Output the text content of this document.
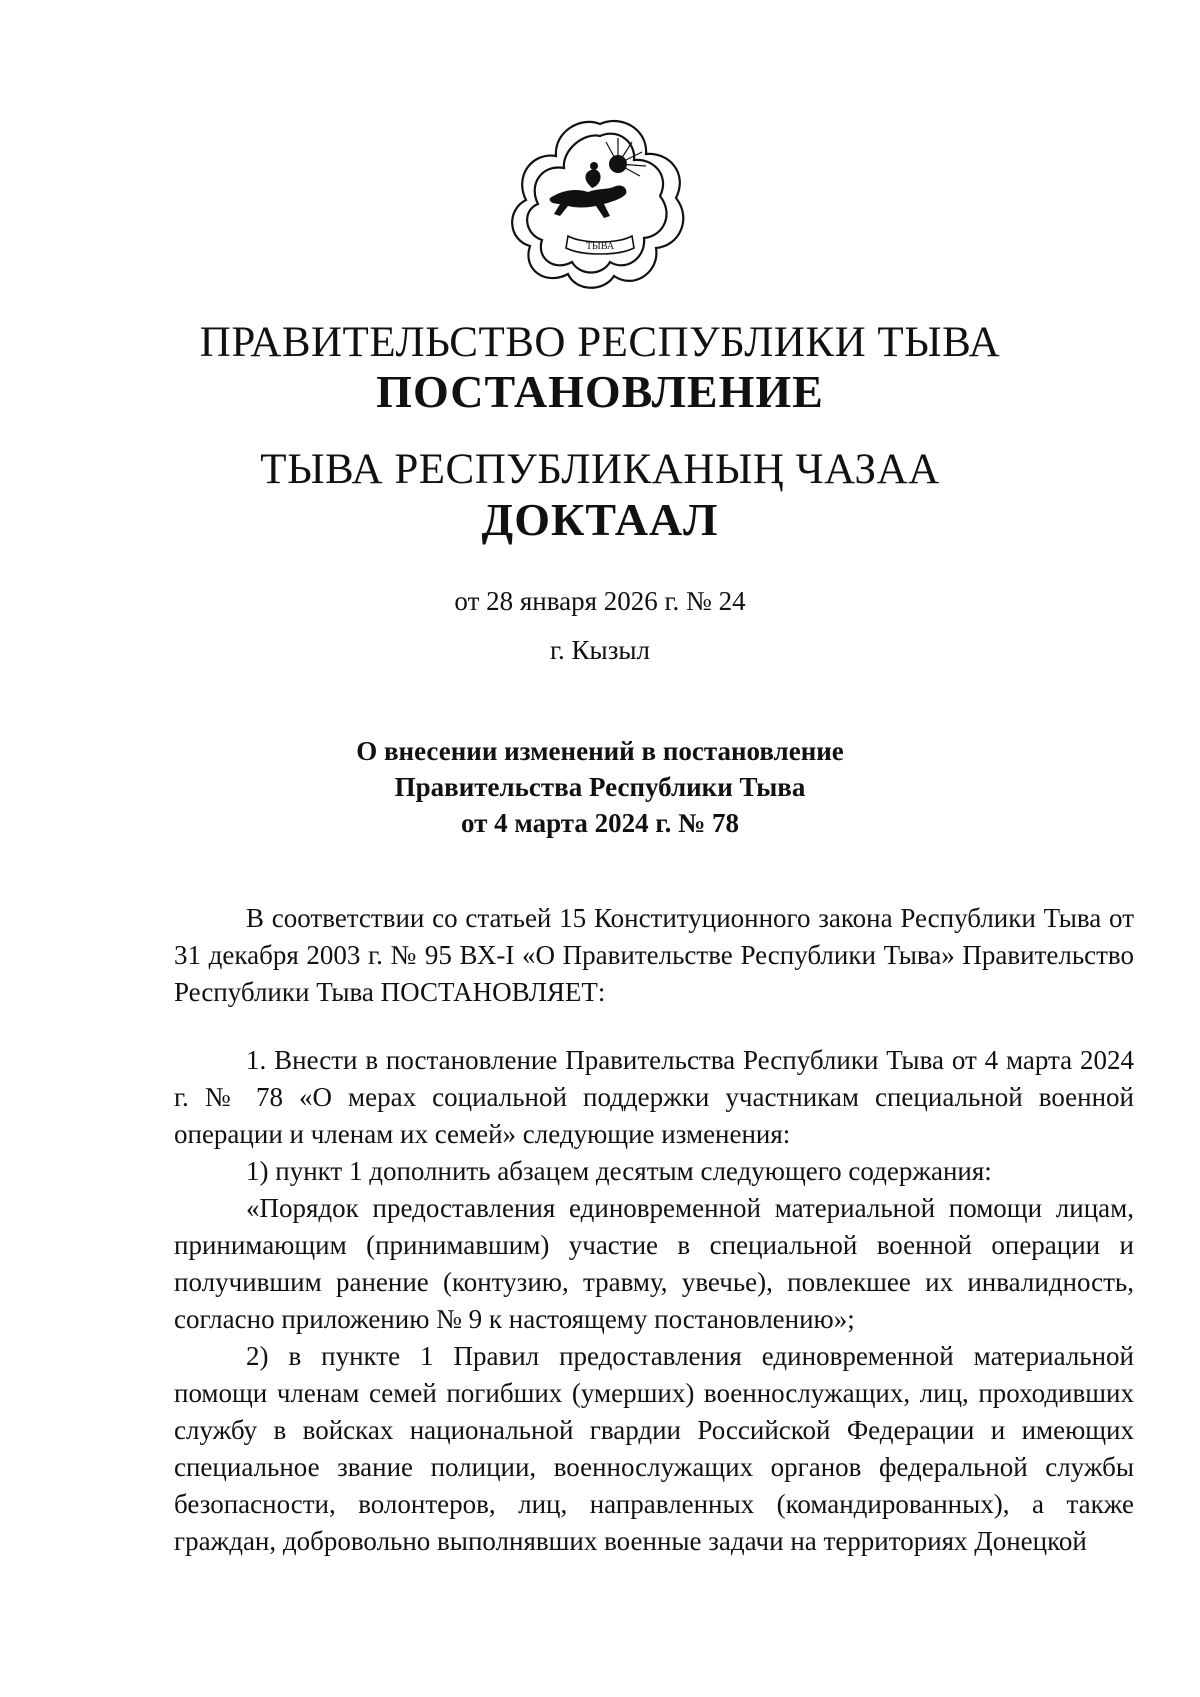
ТЫВА
ПРАВИТЕЛЬСТВО РЕСПУБЛИКИ ТЫВА
ПОСТАНОВЛЕНИЕ
ТЫВА РЕСПУБЛИКАНЫҢ ЧАЗАА
ДОКТААЛ
от 28 января 2026 г. № 24
г. Кызыл
О внесении изменений в постановление
Правительства Республики Тыва
от 4 марта 2024 г. № 78

В соответствии со статьей 15 Конституционного закона Республики Тыва от 31 декабря 2003 г. № 95 ВХ-I «О Правительстве Республики Тыва» Правительство Республики Тыва ПОСТАНОВЛЯЕТ:

1. Внести в постановление Правительства Республики Тыва от 4 марта 2024 г. № 78 «О мерах социальной поддержки участникам специальной военной операции и членам их семей» следующие изменения:

1) пункт 1 дополнить абзацем десятым следующего содержания:

«Порядок предоставления единовременной материальной помощи лицам, принимающим (принимавшим) участие в специальной военной операции и получившим ранение (контузию, травму, увечье), повлекшее их инвалидность, согласно приложению № 9 к настоящему постановлению»;

2) в пункте 1 Правил предоставления единовременной материальной помощи членам семей погибших (умерших) военнослужащих, лиц, проходивших службу в войсках национальной гвардии Российской Федерации и имеющих специальное звание полиции, военнослужащих органов федеральной службы безопасности, волонтеров, лиц, направленных (командированных), а также граждан, добровольно выполнявших военные задачи на территориях Донецкой
